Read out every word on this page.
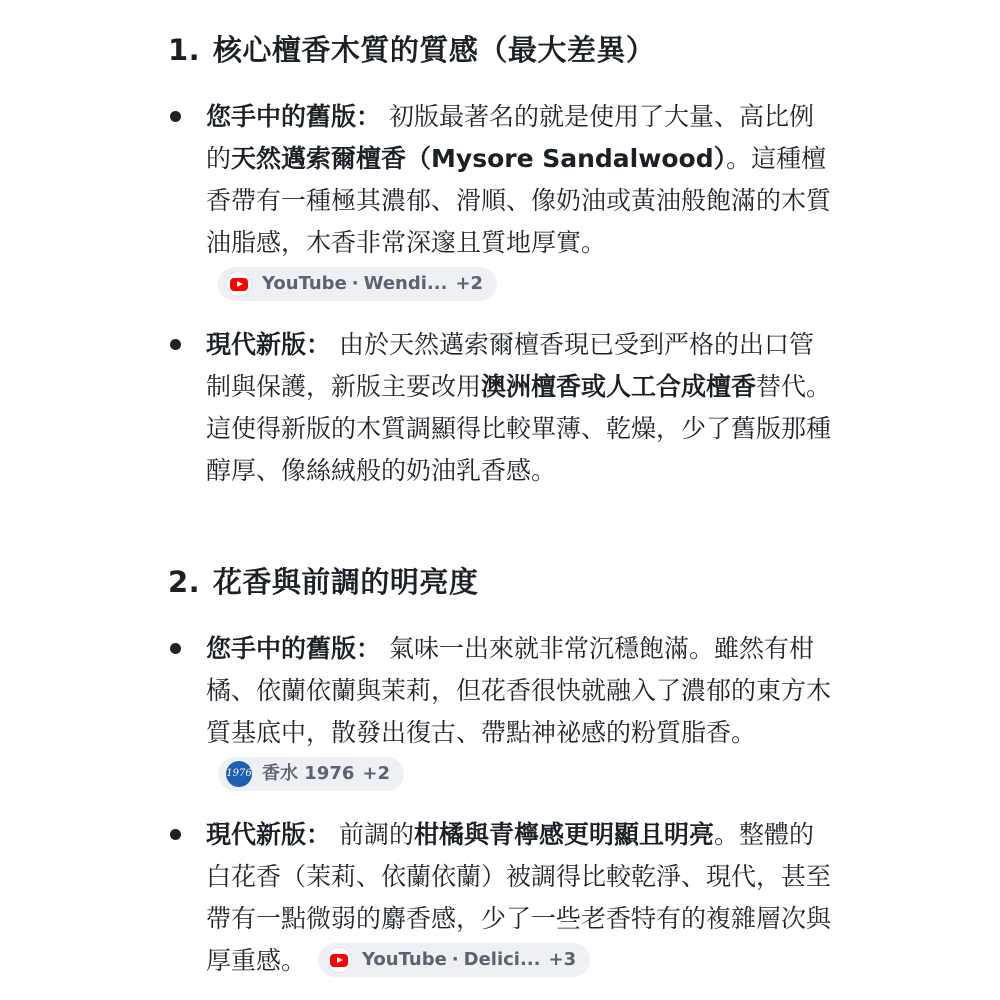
1. 核心檀香木質的質感（最大差異）
您手中的舊版： 初版最著名的就是使用了大量、高比例的天然邁索爾檀香（Mysore Sandalwood）。這種檀香帶有一種極其濃郁、滑順、像奶油或黃油般飽滿的木質油脂感，木香非常深邃且質地厚實。
YouTube · Wendi... +2
現代新版： 由於天然邁索爾檀香現已受到严格的出口管制與保護，新版主要改用澳洲檀香或人工合成檀香替代。這使得新版的木質調顯得比較單薄、乾燥，少了舊版那種醇厚、像絲絨般的奶油乳香感。
2. 花香與前調的明亮度
您手中的舊版： 氣味一出來就非常沉穩飽滿。雖然有柑橘、依蘭依蘭與茉莉，但花香很快就融入了濃郁的東方木質基底中，散發出復古、帶點神祕感的粉質脂香。
1976 香水 1976 +2
現代新版： 前調的柑橘與青檸感更明顯且明亮。整體的白花香（茉莉、依蘭依蘭）被調得比較乾淨、現代，甚至帶有一點微弱的麝香感，少了一些老香特有的複雜層次與厚重感。	YouTube · Delici... +3
